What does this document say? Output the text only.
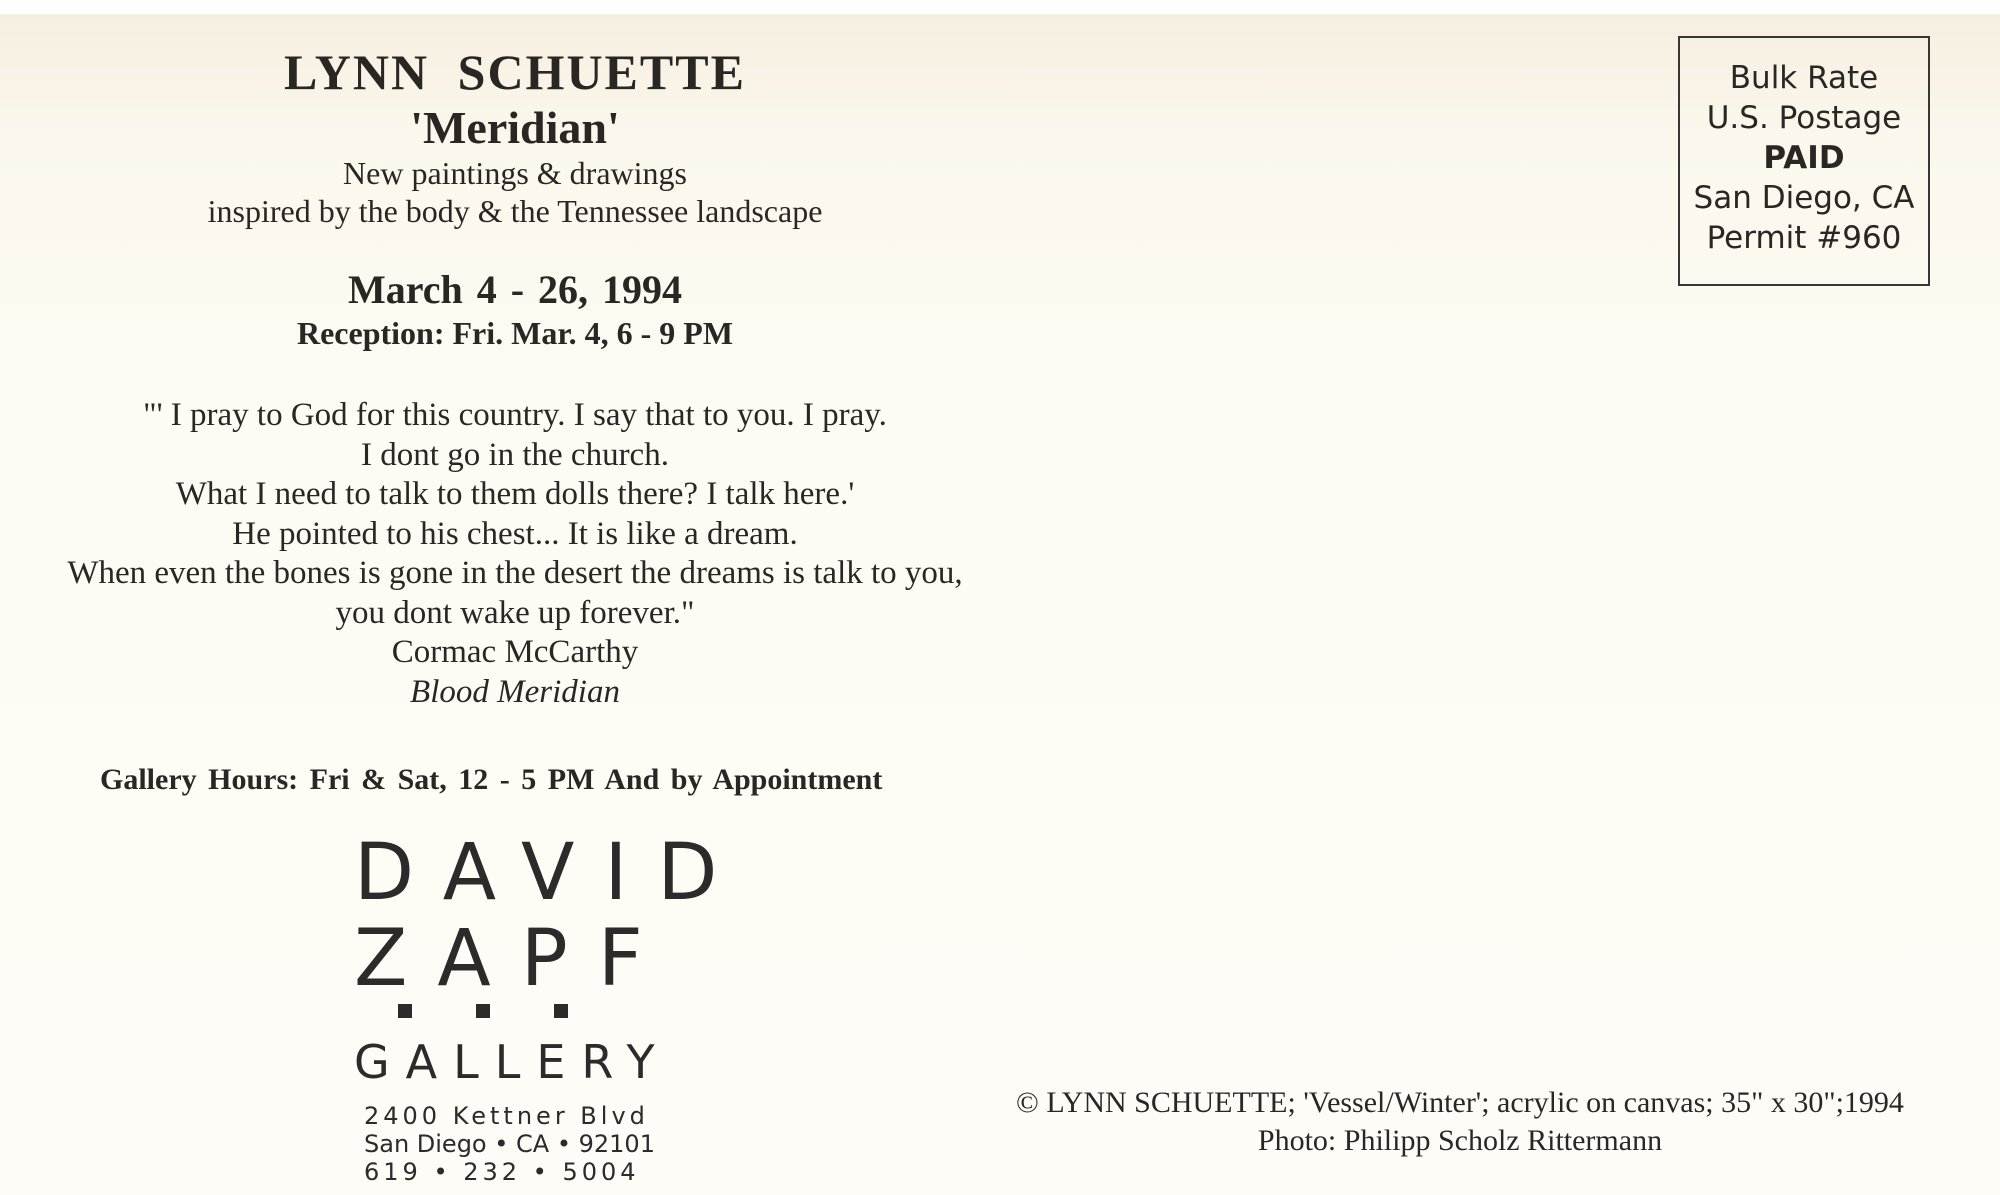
LYNN SCHUETTE
'Meridian'
New paintings & drawings
inspired by the body & the Tennessee landscape
March 4 - 26, 1994
Reception: Fri. Mar. 4, 6 - 9 PM
"' I pray to God for this country. I say that to you. I pray.
I dont go in the church.
What I need to talk to them dolls there? I talk here.'
He pointed to his chest... It is like a dream.
When even the bones is gone in the desert the dreams is talk to you,
you dont wake up forever."
Cormac McCarthy
Blood Meridian
Gallery Hours: Fri & Sat, 12 - 5 PM And by Appointment
DAVID
ZAPF
GALLERY
2400 Kettner Blvd
San Diego • CA • 92101
619 • 232 • 5004
Bulk Rate
U.S. Postage
PAID
San Diego, CA
Permit #960
© LYNN SCHUETTE; 'Vessel/Winter'; acrylic on canvas; 35" x 30";1994
Photo: Philipp Scholz Rittermann
